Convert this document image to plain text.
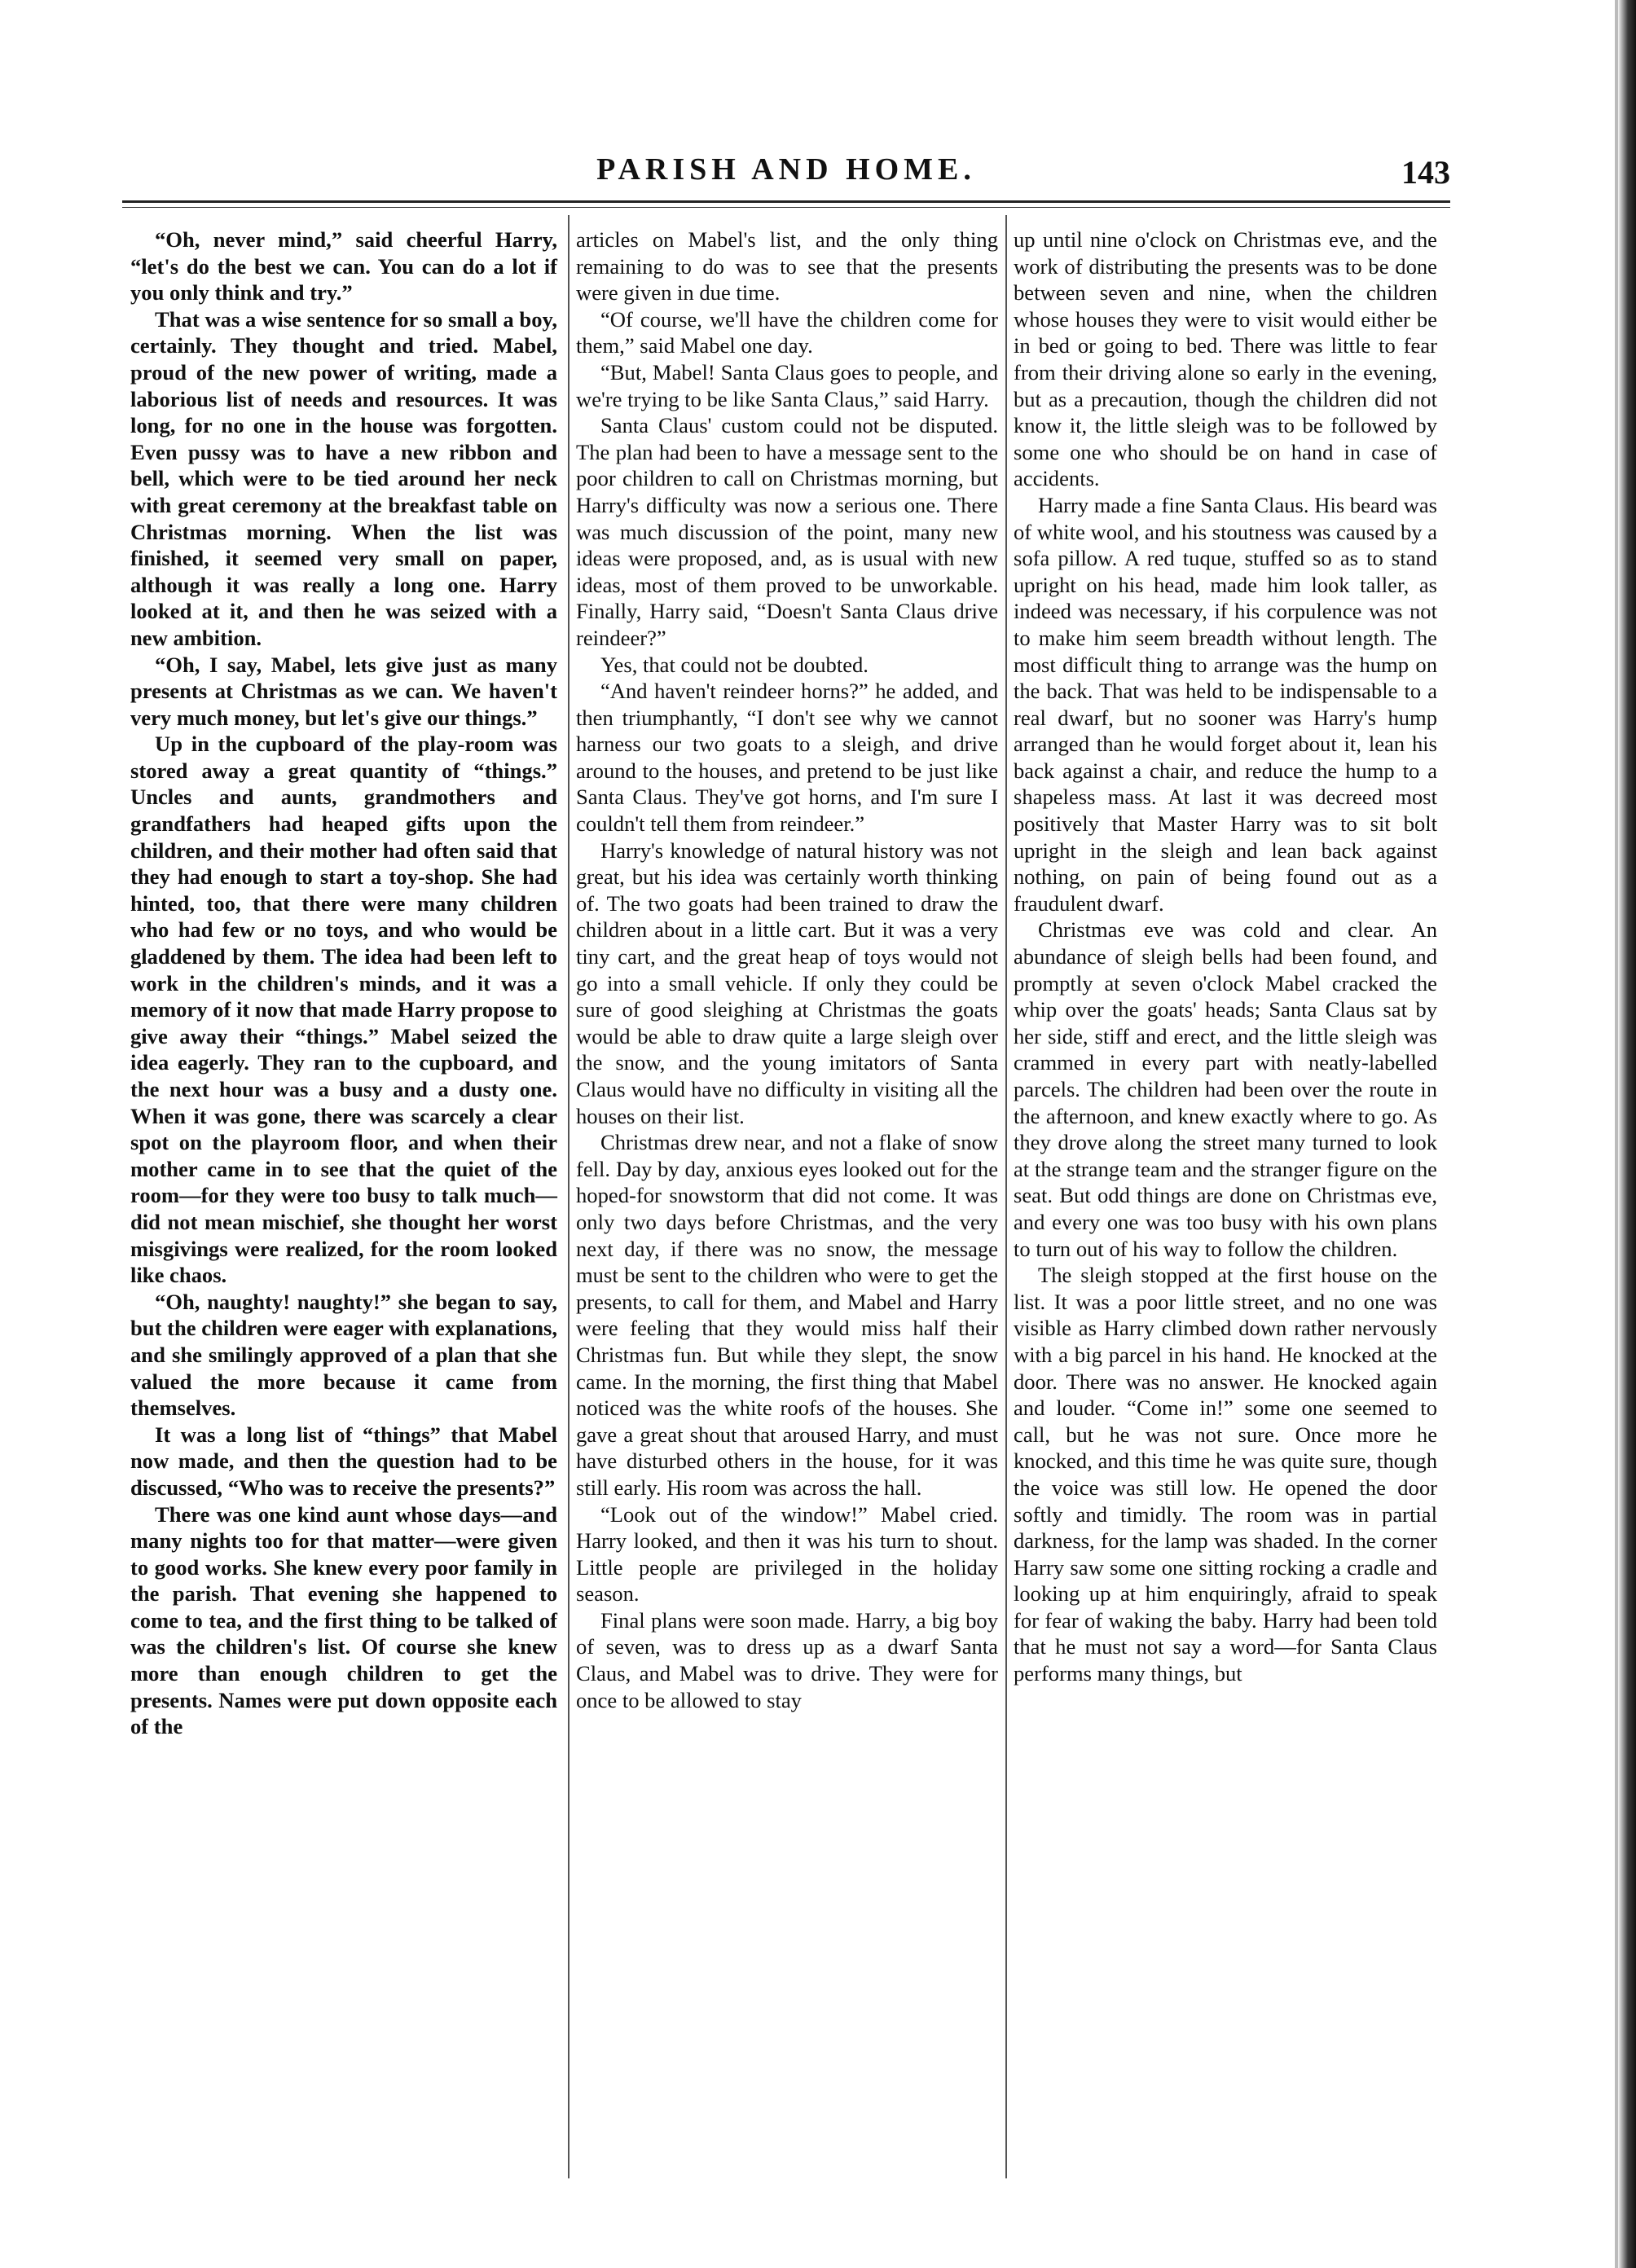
PARISH AND HOME.	143

“Oh, never mind,” said cheerful Harry, “let's do the best we can. You can do a lot if you only think and try.”

That was a wise sentence for so small a boy, certainly. They thought and tried. Mabel, proud of the new power of writing, made a laborious list of needs and resources. It was long, for no one in the house was forgotten. Even pussy was to have a new ribbon and bell, which were to be tied around her neck with great ceremony at the breakfast table on Christmas morning. When the list was finished, it seemed very small on paper, although it was really a long one. Harry looked at it, and then he was seized with a new ambition.

“Oh, I say, Mabel, lets give just as many presents at Christmas as we can. We haven't very much money, but let's give our things.”

Up in the cupboard of the play-room was stored away a great quantity of “things.” Uncles and aunts, grandmothers and grandfathers had heaped gifts upon the children, and their mother had often said that they had enough to start a toy-shop. She had hinted, too, that there were many children who had few or no toys, and who would be gladdened by them. The idea had been left to work in the children's minds, and it was a memory of it now that made Harry propose to give away their “things.” Mabel seized the idea eagerly. They ran to the cupboard, and the next hour was a busy and a dusty one. When it was gone, there was scarcely a clear spot on the playroom floor, and when their mother came in to see that the quiet of the room—for they were too busy to talk much—did not mean mischief, she thought her worst misgivings were realized, for the room looked like chaos.

“Oh, naughty! naughty!” she began to say, but the children were eager with explanations, and she smilingly approved of a plan that she valued the more because it came from themselves.

It was a long list of “things” that Mabel now made, and then the question had to be discussed, “Who was to receive the presents?”

There was one kind aunt whose days—and many nights too for that matter—were given to good works. She knew every poor family in the parish. That evening she happened to come to tea, and the first thing to be talked of was the children's list. Of course she knew more than enough children to get the presents. Names were put down opposite each of the

articles on Mabel's list, and the only thing remaining to do was to see that the presents were given in due time.

“Of course, we'll have the children come for them,” said Mabel one day.

“But, Mabel! Santa Claus goes to people, and we're trying to be like Santa Claus,” said Harry.

Santa Claus' custom could not be disputed. The plan had been to have a message sent to the poor children to call on Christmas morning, but Harry's difficulty was now a serious one. There was much discussion of the point, many new ideas were proposed, and, as is usual with new ideas, most of them proved to be unworkable. Finally, Harry said, “Doesn't Santa Claus drive reindeer?”

Yes, that could not be doubted.

“And haven't reindeer horns?” he added, and then triumphantly, “I don't see why we cannot harness our two goats to a sleigh, and drive around to the houses, and pretend to be just like Santa Claus. They've got horns, and I'm sure I couldn't tell them from reindeer.”

Harry's knowledge of natural history was not great, but his idea was certainly worth thinking of. The two goats had been trained to draw the children about in a little cart. But it was a very tiny cart, and the great heap of toys would not go into a small vehicle. If only they could be sure of good sleighing at Christmas the goats would be able to draw quite a large sleigh over the snow, and the young imitators of Santa Claus would have no difficulty in visiting all the houses on their list.

Christmas drew near, and not a flake of snow fell. Day by day, anxious eyes looked out for the hoped-for snowstorm that did not come. It was only two days before Christmas, and the very next day, if there was no snow, the message must be sent to the children who were to get the presents, to call for them, and Mabel and Harry were feeling that they would miss half their Christmas fun. But while they slept, the snow came. In the morning, the first thing that Mabel noticed was the white roofs of the houses. She gave a great shout that aroused Harry, and must have disturbed others in the house, for it was still early. His room was across the hall.

“Look out of the window!” Mabel cried. Harry looked, and then it was his turn to shout. Little people are privileged in the holiday season.

Final plans were soon made. Harry, a big boy of seven, was to dress up as a dwarf Santa Claus, and Mabel was to drive. They were for once to be allowed to stay

up until nine o'clock on Christmas eve, and the work of distributing the presents was to be done between seven and nine, when the children whose houses they were to visit would either be in bed or going to bed. There was little to fear from their driving alone so early in the evening, but as a precaution, though the children did not know it, the little sleigh was to be followed by some one who should be on hand in case of accidents.

Harry made a fine Santa Claus. His beard was of white wool, and his stoutness was caused by a sofa pillow. A red tuque, stuffed so as to stand upright on his head, made him look taller, as indeed was necessary, if his corpulence was not to make him seem breadth without length. The most difficult thing to arrange was the hump on the back. That was held to be indispensable to a real dwarf, but no sooner was Harry's hump arranged than he would forget about it, lean his back against a chair, and reduce the hump to a shapeless mass. At last it was decreed most positively that Master Harry was to sit bolt upright in the sleigh and lean back against nothing, on pain of being found out as a fraudulent dwarf.

Christmas eve was cold and clear. An abundance of sleigh bells had been found, and promptly at seven o'clock Mabel cracked the whip over the goats' heads; Santa Claus sat by her side, stiff and erect, and the little sleigh was crammed in every part with neatly-labelled parcels. The children had been over the route in the afternoon, and knew exactly where to go. As they drove along the street many turned to look at the strange team and the stranger figure on the seat. But odd things are done on Christmas eve, and every one was too busy with his own plans to turn out of his way to follow the children.

The sleigh stopped at the first house on the list. It was a poor little street, and no one was visible as Harry climbed down rather nervously with a big parcel in his hand. He knocked at the door. There was no answer. He knocked again and louder. “Come in!” some one seemed to call, but he was not sure. Once more he knocked, and this time he was quite sure, though the voice was still low. He opened the door softly and timidly. The room was in partial darkness, for the lamp was shaded. In the corner Harry saw some one sitting rocking a cradle and looking up at him enquiringly, afraid to speak for fear of waking the baby. Harry had been told that he must not say a word—for Santa Claus performs many things, but
